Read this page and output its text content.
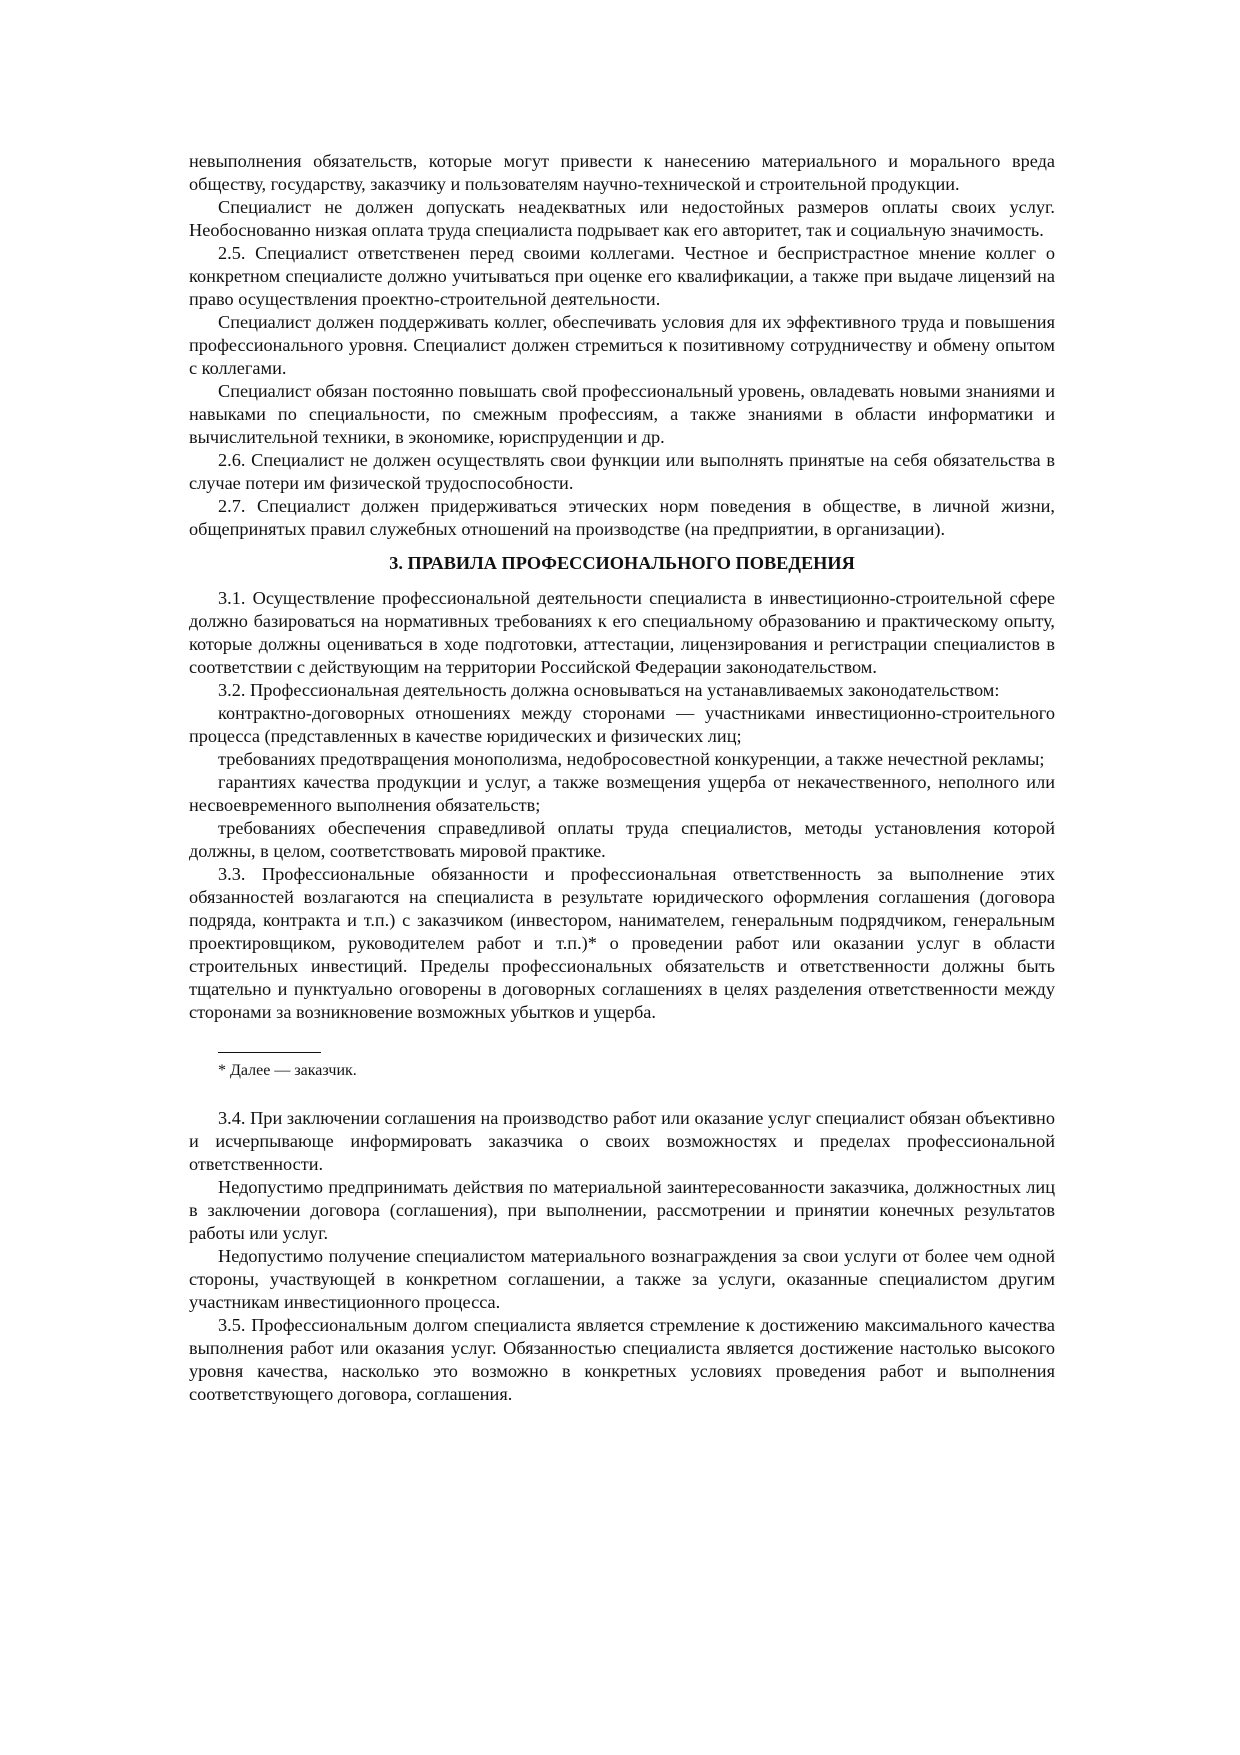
невыполнения обязательств, которые могут привести к нанесению материального и морального вреда обществу, государству, заказчику и пользователям научно-технической и строительной продукции.

Специалист не должен допускать неадекватных или недостойных размеров оплаты своих услуг. Необоснованно низкая оплата труда специалиста подрывает как его авторитет, так и социальную значимость.

2.5. Специалист ответственен перед своими коллегами. Честное и беспристрастное мнение коллег о конкретном специалисте должно учитываться при оценке его квалификации, а также при выдаче лицензий на право осуществления проектно-строительной деятельности.

Специалист должен поддерживать коллег, обеспечивать условия для их эффективного труда и повышения профессионального уровня. Специалист должен стремиться к позитивному сотрудничеству и обмену опытом с коллегами.

Специалист обязан постоянно повышать свой профессиональный уровень, овладевать новыми знаниями и навыками по специальности, по смежным профессиям, а также знаниями в области информатики и вычислительной техники, в экономике, юриспруденции и др.

2.6. Специалист не должен осуществлять свои функции или выполнять принятые на себя обязательства в случае потери им физической трудоспособности.

2.7. Специалист должен придерживаться этических норм поведения в обществе, в личной жизни, общепринятых правил служебных отношений на производстве (на предприятии, в организации).

3. ПРАВИЛА ПРОФЕССИОНАЛЬНОГО ПОВЕДЕНИЯ

3.1. Осуществление профессиональной деятельности специалиста в инвестиционно-строительной сфере должно базироваться на нормативных требованиях к его специальному образованию и практическому опыту, которые должны оцениваться в ходе подготовки, аттестации, лицензирования и регистрации специалистов в соответствии с действующим на территории Российской Федерации законодательством.

3.2. Профессиональная деятельность должна основываться на устанавливаемых законодательством:

контрактно-договорных отношениях между сторонами — участниками инвестиционно-строительного процесса (представленных в качестве юридических и физических лиц;

требованиях предотвращения монополизма, недобросовестной конкуренции, а также нечестной рекламы;

гарантиях качества продукции и услуг, а также возмещения ущерба от некачественного, неполного или несвоевременного выполнения обязательств;

требованиях обеспечения справедливой оплаты труда специалистов, методы установления которой должны, в целом, соответствовать мировой практике.

3.3. Профессиональные обязанности и профессиональная ответственность за выполнение этих обязанностей возлагаются на специалиста в результате юридического оформления соглашения (договора подряда, контракта и т.п.) с заказчиком (инвестором, нанимателем, генеральным подрядчиком, генеральным проектировщиком, руководителем работ и т.п.)* о проведении работ или оказании услуг в области строительных инвестиций. Пределы профессиональных обязательств и ответственности должны быть тщательно и пунктуально оговорены в договорных соглашениях в целях разделения ответственности между сторонами за возникновение возможных убытков и ущерба.

* Далее — заказчик.

3.4. При заключении соглашения на производство работ или оказание услуг специалист обязан объективно и исчерпывающе информировать заказчика о своих возможностях и пределах профессиональной ответственности.

Недопустимо предпринимать действия по материальной заинтересованности заказчика, должностных лиц в заключении договора (соглашения), при выполнении, рассмотрении и принятии конечных результатов работы или услуг.

Недопустимо получение специалистом материального вознаграждения за свои услуги от более чем одной стороны, участвующей в конкретном соглашении, а также за услуги, оказанные специалистом другим участникам инвестиционного процесса.

3.5. Профессиональным долгом специалиста является стремление к достижению максимального качества выполнения работ или оказания услуг. Обязанностью специалиста является достижение настолько высокого уровня качества, насколько это возможно в конкретных условиях проведения работ и выполнения соответствующего договора, соглашения.
